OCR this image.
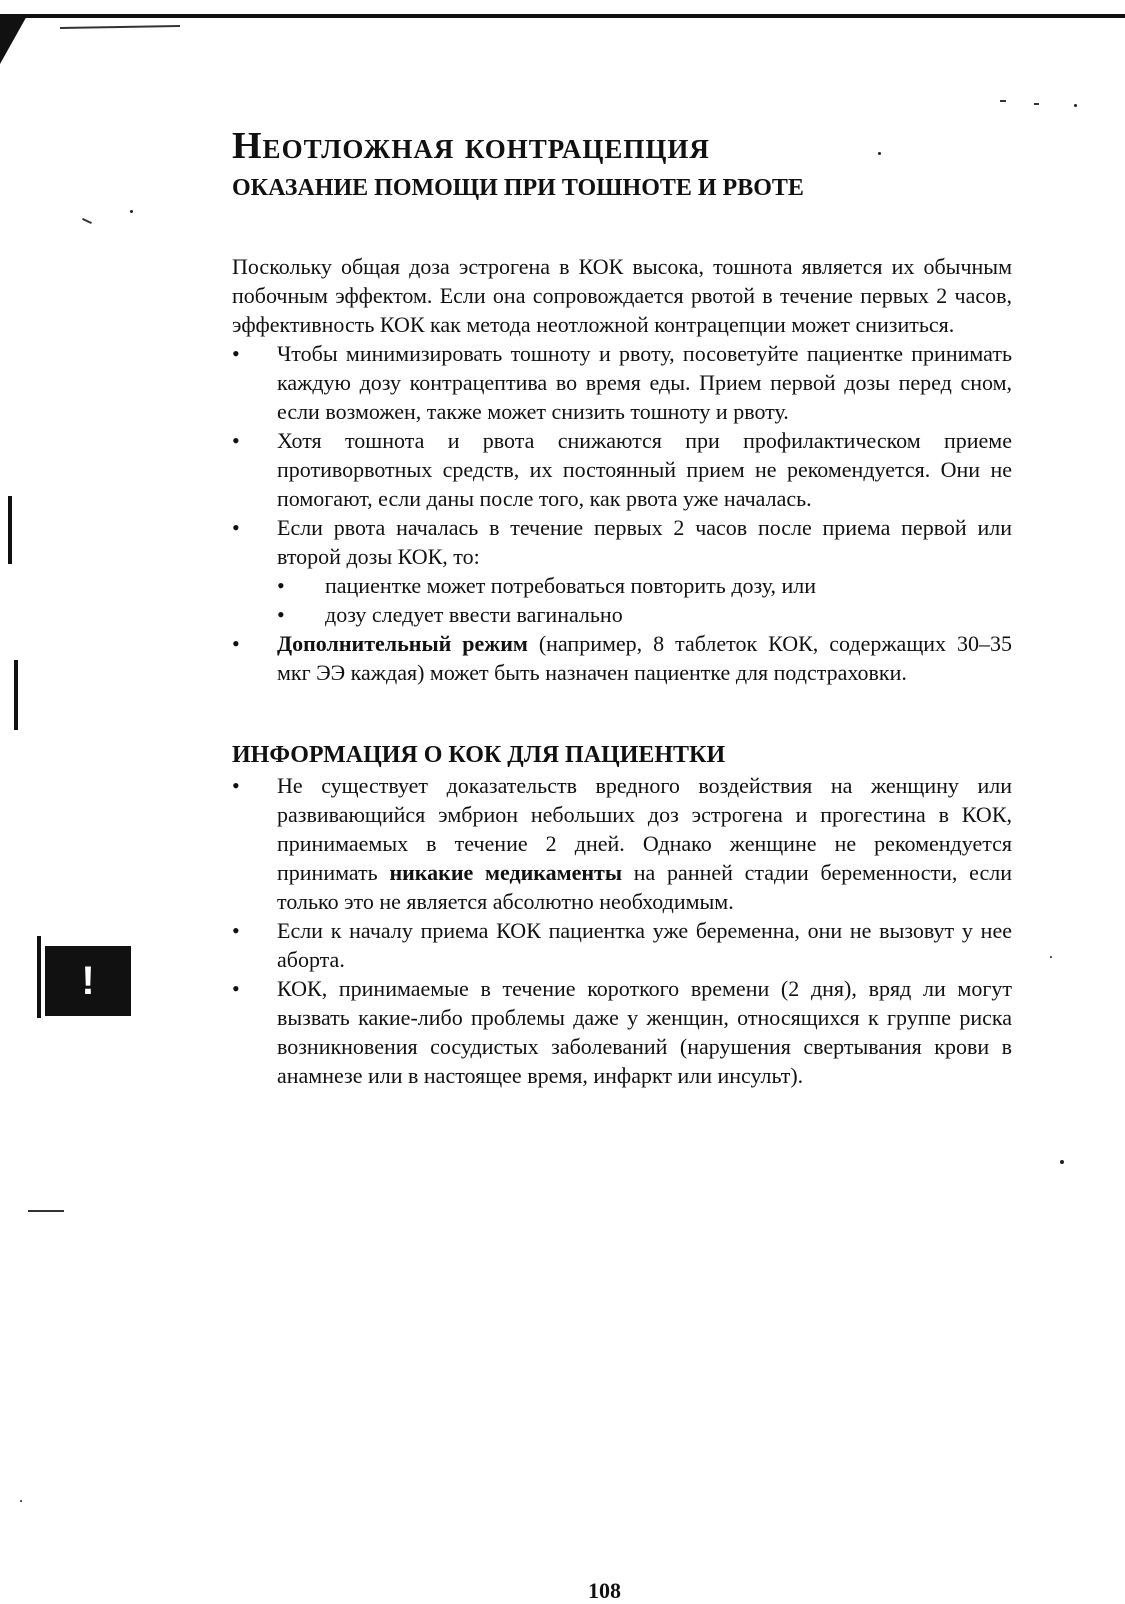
!
Неотложная контрацепция
ОКАЗАНИЕ ПОМОЩИ ПРИ ТОШНОТЕ И РВОТЕ

Поскольку общая доза эстрогена в КОК высока, тошнота является их обычным побочным эффектом. Если она сопровождается рвотой в течение первых 2 часов, эффективность КОК как метода неотложной контрацепции может снизиться.

• Чтобы минимизировать тошноту и рвоту, посоветуйте пациентке принимать каждую дозу контрацептива во время еды. Прием первой дозы перед сном, если возможен, также может снизить тошноту и рвоту.
• Хотя тошнота и рвота снижаются при профилактическом приеме противорвотных средств, их постоянный прием не рекомендуется. Они не помогают, если даны после того, как рвота уже началась.
• Если рвота началась в течение первых 2 часов после приема первой или второй дозы КОК, то:
• пациентке может потребоваться повторить дозу, или
• дозу следует ввести вагинально
• Дополнительный режим (например, 8 таблеток КОК, содержащих 30–35 мкг ЭЭ каждая) может быть назначен пациентке для подстраховки.
ИНФОРМАЦИЯ О КОК ДЛЯ ПАЦИЕНТКИ
• Не существует доказательств вредного воздействия на женщину или развивающийся эмбрион небольших доз эстрогена и прогестина в КОК, принимаемых в течение 2 дней. Однако женщине не рекомендуется принимать никакие медикаменты на ранней стадии беременности, если только это не является абсолютно необходимым.
• Если к началу приема КОК пациентка уже беременна, они не вызовут у нее аборта.
• КОК, принимаемые в течение короткого времени (2 дня), вряд ли могут вызвать какие-либо проблемы даже у женщин, относящихся к группе риска возникновения сосудистых заболеваний (нарушения свертывания крови в анамнезе или в настоящее время, инфаркт или инсульт).
108
